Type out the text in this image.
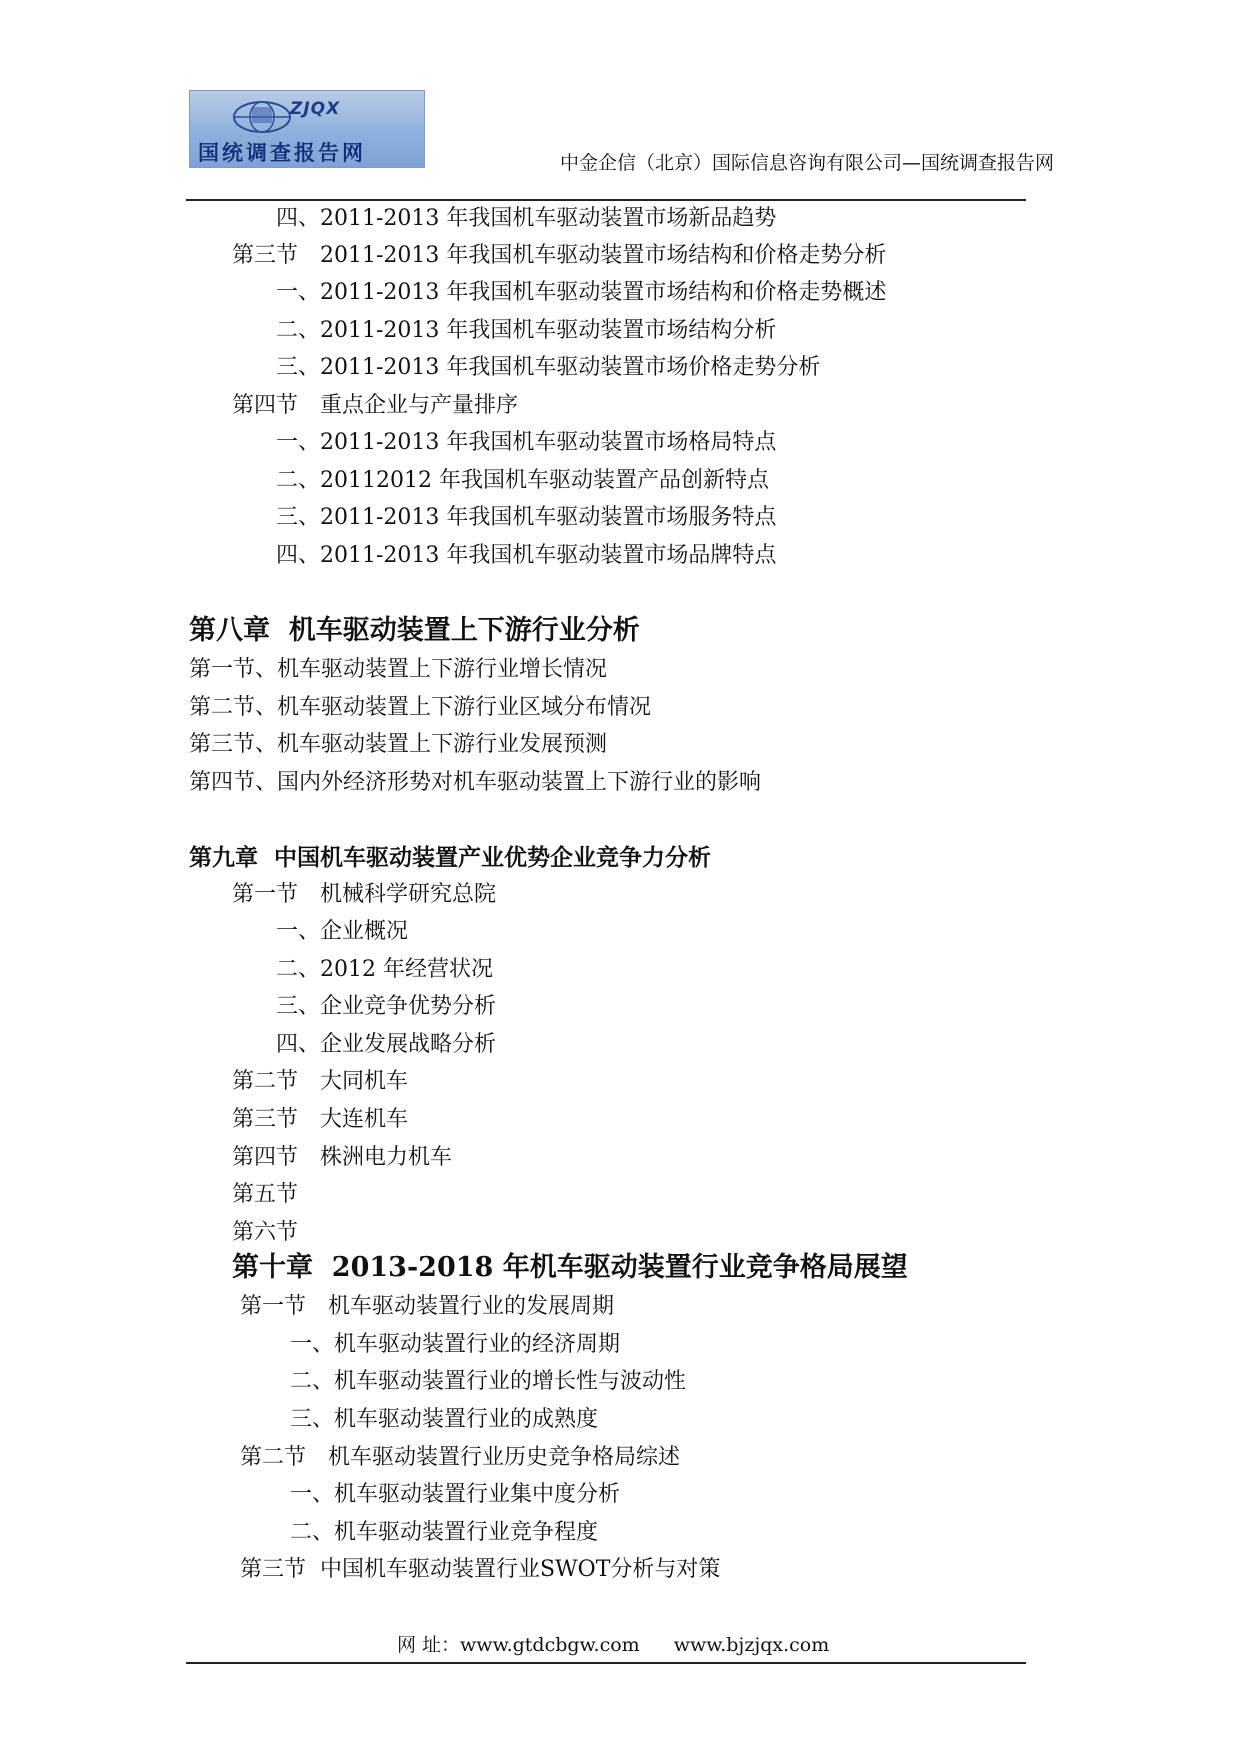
ZJQX
国统调查报告网	中金企信（北京）国际信息咨询有限公司—国统调查报告网
四、2011-2013 年我国机车驱动装置市场新品趋势
第三节　2011-2013 年我国机车驱动装置市场结构和价格走势分析
一、2011-2013 年我国机车驱动装置市场结构和价格走势概述
二、2011-2013 年我国机车驱动装置市场结构分析
三、2011-2013 年我国机车驱动装置市场价格走势分析
第四节　重点企业与产量排序
一、2011-2013 年我国机车驱动装置市场格局特点
二、20112012 年我国机车驱动装置产品创新特点
三、2011-2013 年我国机车驱动装置市场服务特点
四、2011-2013 年我国机车驱动装置市场品牌特点
第八章  机车驱动装置上下游行业分析
第一节、机车驱动装置上下游行业增长情况
第二节、机车驱动装置上下游行业区域分布情况
第三节、机车驱动装置上下游行业发展预测
第四节、国内外经济形势对机车驱动装置上下游行业的影响
第九章  中国机车驱动装置产业优势企业竞争力分析
第一节　机械科学研究总院
一、企业概况
二、2012 年经营状况
三、企业竞争优势分析
四、企业发展战略分析
第二节　大同机车
第三节　大连机车
第四节　株洲电力机车
第五节
第六节
第十章  2013-2018 年机车驱动装置行业竞争格局展望
第一节　机车驱动装置行业的发展周期
一、机车驱动装置行业的经济周期
二、机车驱动装置行业的增长性与波动性
三、机车驱动装置行业的成熟度
第二节　机车驱动装置行业历史竞争格局综述
一、机车驱动装置行业集中度分析
二、机车驱动装置行业竞争程度
第三节  中国机车驱动装置行业SWOT分析与对策
网 址：www.gtdcbgw.com www.bjzjqx.com
